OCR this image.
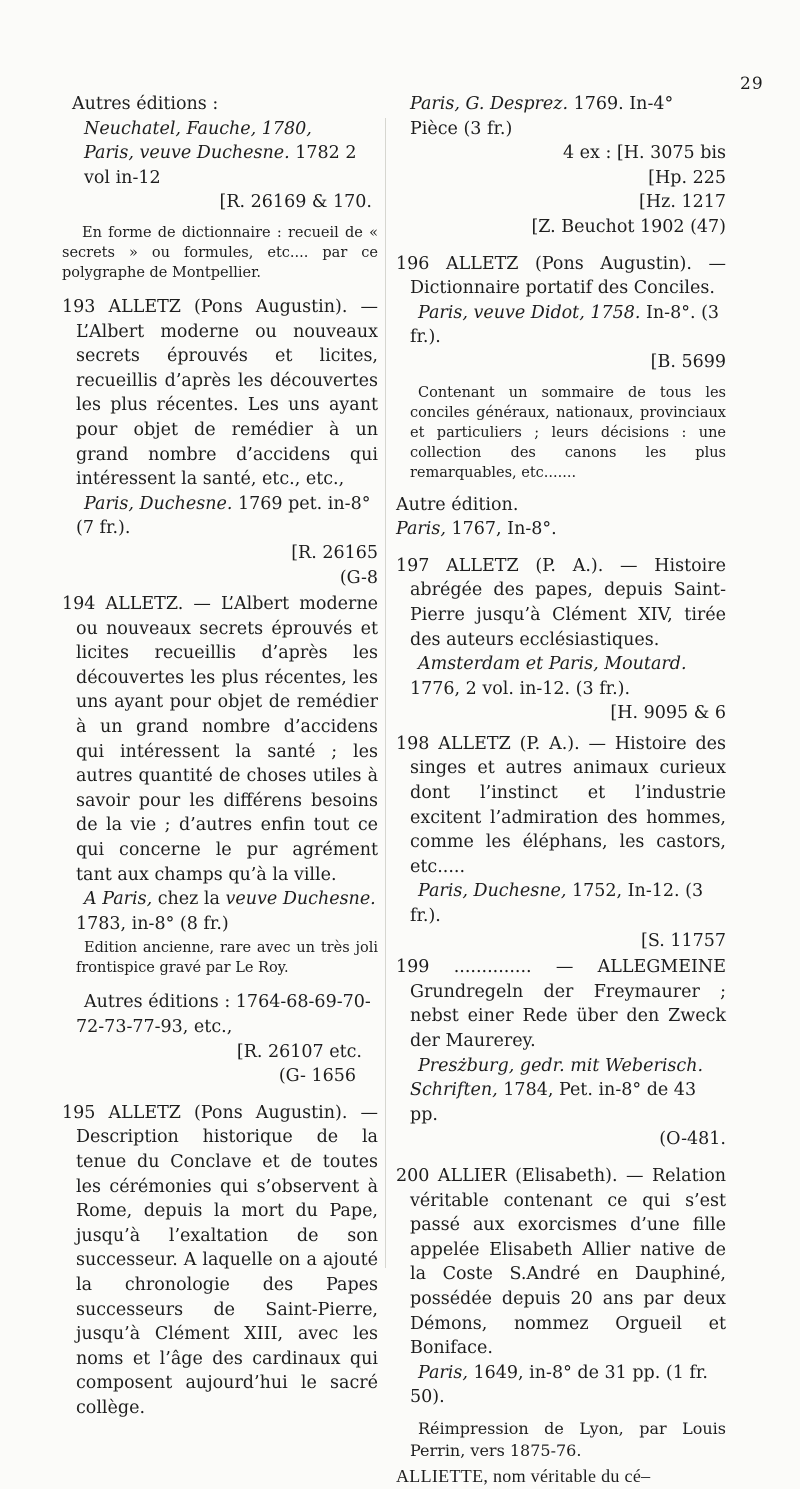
29

Autres éditions :

Neuchatel, Fauche, 1780,

Paris, veuve Duchesne. 1782 2 vol in-12

[R. 26169 & 170.

En forme de dictionnaire : recueil de « secrets » ou formules, etc.... par ce polygraphe de Montpellier.

193 ALLETZ (Pons Augustin). — L’Albert moderne ou nouveaux secrets éprouvés et licites, recueillis d’après les découvertes les plus récentes. Les uns ayant pour objet de remédier à un grand nombre d’accidens qui intéressent la santé, etc., etc.,

Paris, Duchesne. 1769 pet. in-8° (7 fr.).

[R. 26165

(G-8

194 ALLETZ. — L’Albert moderne ou nouveaux secrets éprouvés et licites recueillis d’après les découvertes les plus récentes, les uns ayant pour objet de remédier à un grand nombre d’accidens qui intéressent la santé ; les autres quantité de choses utiles à savoir pour les différens besoins de la vie ; d’autres enfin tout ce qui concerne le pur agrément tant aux champs qu’à la ville.

A Paris, chez la veuve Duchesne.

1783, in-8° (8 fr.)

Edition ancienne, rare avec un très joli frontispice gravé par Le Roy.

Autres éditions : 1764-68-69-70-72-73-77-93, etc.,

[R. 26107 etc.

(G- 1656

195 ALLETZ (Pons Augustin). — Description historique de la tenue du Conclave et de toutes les cérémonies qui s’observent à Rome, depuis la mort du Pape, jusqu’à l’exaltation de son successeur. A laquelle on a ajouté la chronologie des Papes successeurs de Saint-Pierre, jusqu’à Clément XIII, avec les noms et l’âge des cardinaux qui composent aujourd’hui le sacré collège.

Paris, G. Desprez. 1769. In-4° Pièce (3 fr.)

4 ex : [H. 3075 bis

[Hp. 225

[Hz. 1217

[Z. Beuchot 1902 (47)

196 ALLETZ (Pons Augustin). — Dictionnaire portatif des Conciles.

Paris, veuve Didot, 1758. In-8°. (3 fr.).

[B. 5699

Contenant un sommaire de tous les conciles généraux, nationaux, provinciaux et particuliers ; leurs décisions : une collection des canons les plus remarquables, etc.......

Autre édition.

Paris, 1767, In-8°.

197 ALLETZ (P. A.). — Histoire abrégée des papes, depuis Saint-Pierre jusqu’à Clément XIV, tirée des auteurs ecclésiastiques.

Amsterdam et Paris, Moutard. 1776, 2 vol. in-12. (3 fr.).

[H. 9095 & 6

198 ALLETZ (P. A.). — Histoire des singes et autres animaux curieux dont l’instinct et l’industrie excitent l’admiration des hommes, comme les éléphans, les castors, etc.....

Paris, Duchesne, 1752, In-12. (3 fr.).

[S. 11757

199 .............. — ALLEGMEINE Grundregeln der Freymaurer ; nebst einer Rede über den Zweck der Maurerey.

Presżburg, gedr. mit Weberisch. Schriften, 1784, Pet. in-8° de 43 pp.

(O-481.

200 ALLIER (Elisabeth). — Relation véritable contenant ce qui s’est passé aux exorcismes d’une fille appelée Elisabeth Allier native de la Coste S.André en Dauphiné, possédée depuis 20 ans par deux Démons, nommez Orgueil et Boniface.

Paris, 1649, in-8° de 31 pp. (1 fr. 50).

Réimpression de Lyon, par Louis Perrin, vers 1875-76.

ALLIETTE, nom véritable du cé–
